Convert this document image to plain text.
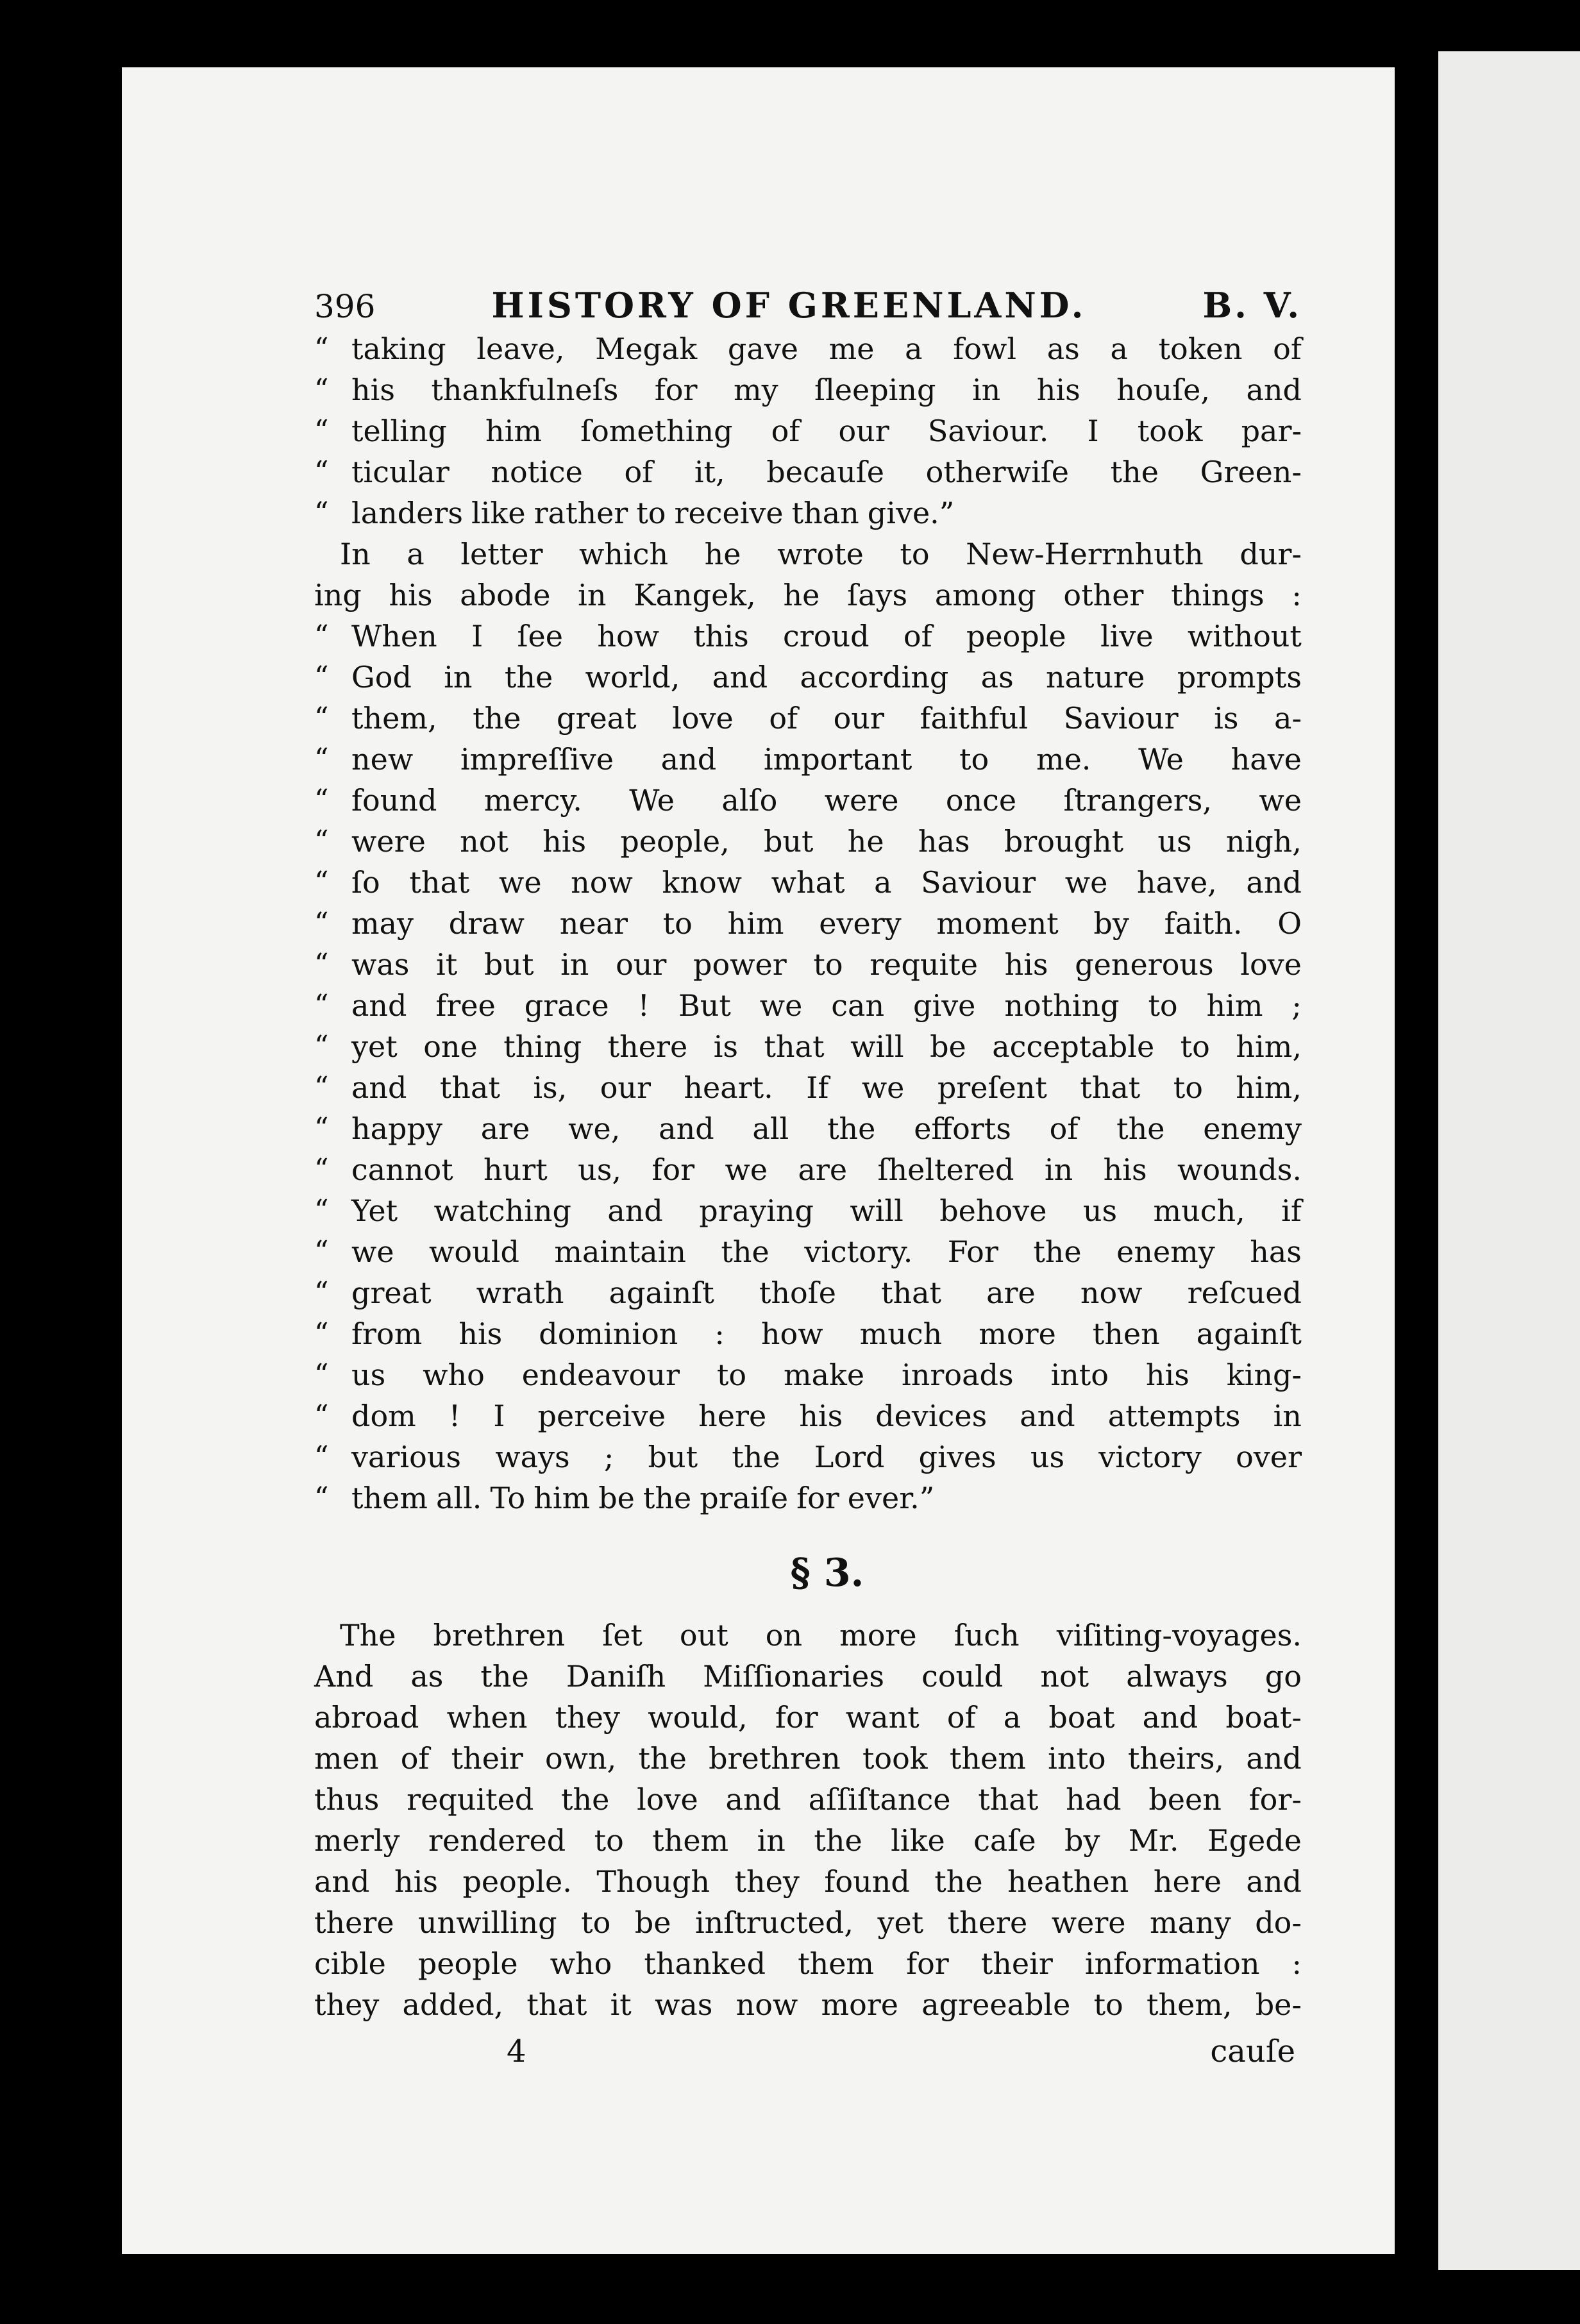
396	HISTORY OF GREENLAND.	B. V.
“ taking leave, Megak gave me a fowl as a token of
“ his thankfulneſs for my ſleeping in his houſe, and
“ telling him ſomething of our Saviour. I took par-
“ ticular notice of it, becauſe otherwiſe the Green-
“ landers like rather to receive than give.”
In a letter which he wrote to New-Herrnhuth dur-
ing his abode in Kangek, he ſays among other things :
“ When I ſee how this croud of people live without
“ God in the world, and according as nature prompts
“ them, the great love of our faithful Saviour is a-
“ new impreſſive and important to me. We have
“ found mercy. We alſo were once ſtrangers, we
“ were not his people, but he has brought us nigh,
“ ſo that we now know what a Saviour we have, and
“ may draw near to him every moment by faith. O
“ was it but in our power to requite his generous love
“ and free grace ! But we can give nothing to him ;
“ yet one thing there is that will be acceptable to him,
“ and that is, our heart. If we preſent that to him,
“ happy are we, and all the efforts of the enemy
“ cannot hurt us, for we are ſheltered in his wounds.
“ Yet watching and praying will behove us much, if
“ we would maintain the victory. For the enemy has
“ great wrath againſt thoſe that are now reſcued
“ from his dominion : how much more then againſt
“ us who endeavour to make inroads into his king-
“ dom ! I perceive here his devices and attempts in
“ various ways ; but the Lord gives us victory over
“ them all. To him be the praiſe for ever.”
§ 3.
The brethren ſet out on more ſuch viſiting-voyages.
And as the Daniſh Miſſionaries could not always go
abroad when they would, for want of a boat and boat-
men of their own, the brethren took them into theirs, and
thus requited the love and aſſiſtance that had been for-
merly rendered to them in the like caſe by Mr. Egede
and his people. Though they found the heathen here and
there unwilling to be inſtructed, yet there were many do-
cible people who thanked them for their information :
they added, that it was now more agreeable to them, be-
4	cauſe
